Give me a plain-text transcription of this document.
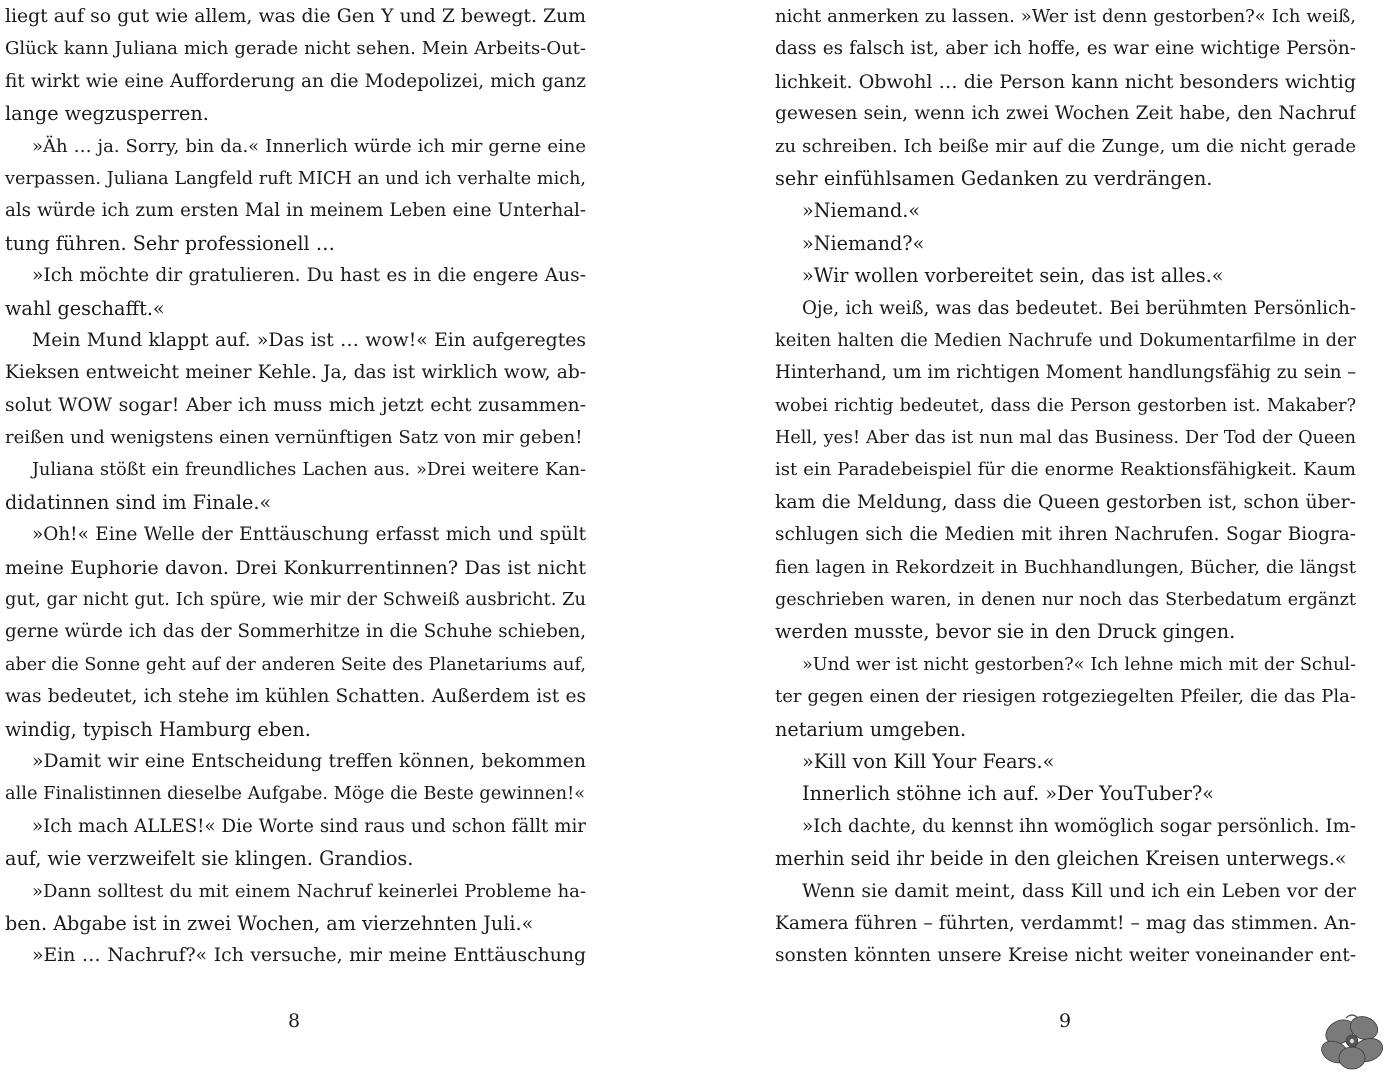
liegt auf so gut wie allem, was die Gen Y und Z bewegt. Zum
Glück kann Juliana mich gerade nicht sehen. Mein Arbeits-Out-
fit wirkt wie eine Aufforderung an die Modepolizei, mich ganz
lange wegzusperren.
»Äh … ja. Sorry, bin da.« Innerlich würde ich mir gerne eine
verpassen. Juliana Langfeld ruft MICH an und ich verhalte mich,
als würde ich zum ersten Mal in meinem Leben eine Unterhal-
tung führen. Sehr professionell …
»Ich möchte dir gratulieren. Du hast es in die engere Aus-
wahl geschafft.«
Mein Mund klappt auf. »Das ist … wow!« Ein aufgeregtes
Kieksen entweicht meiner Kehle. Ja, das ist wirklich wow, ab-
solut WOW sogar! Aber ich muss mich jetzt echt zusammen-
reißen und wenigstens einen vernünftigen Satz von mir geben!
Juliana stößt ein freundliches Lachen aus. »Drei weitere Kan-
didatinnen sind im Finale.«
»Oh!« Eine Welle der Enttäuschung erfasst mich und spült
meine Euphorie davon. Drei Konkurrentinnen? Das ist nicht
gut, gar nicht gut. Ich spüre, wie mir der Schweiß ausbricht. Zu
gerne würde ich das der Sommerhitze in die Schuhe schieben,
aber die Sonne geht auf der anderen Seite des Planetariums auf,
was bedeutet, ich stehe im kühlen Schatten. Außerdem ist es
windig, typisch Hamburg eben.
»Damit wir eine Entscheidung treffen können, bekommen
alle Finalistinnen dieselbe Aufgabe. Möge die Beste gewinnen!«
»Ich mach ALLES!« Die Worte sind raus und schon fällt mir
auf, wie verzweifelt sie klingen. Grandios.
»Dann solltest du mit einem Nachruf keinerlei Probleme ha-
ben. Abgabe ist in zwei Wochen, am vierzehnten Juli.«
»Ein … Nachruf?« Ich versuche, mir meine Enttäuschung
8
nicht anmerken zu lassen. »Wer ist denn gestorben?« Ich weiß,
dass es falsch ist, aber ich hoffe, es war eine wichtige Persön-
lichkeit. Obwohl … die Person kann nicht besonders wichtig
gewesen sein, wenn ich zwei Wochen Zeit habe, den Nachruf
zu schreiben. Ich beiße mir auf die Zunge, um die nicht gerade
sehr einfühlsamen Gedanken zu verdrängen.
»Niemand.«
»Niemand?«
»Wir wollen vorbereitet sein, das ist alles.«
Oje, ich weiß, was das bedeutet. Bei berühmten Persönlich-
keiten halten die Medien Nachrufe und Dokumentarfilme in der
Hinterhand, um im richtigen Moment handlungsfähig zu sein –
wobei richtig bedeutet, dass die Person gestorben ist. Makaber?
Hell, yes! Aber das ist nun mal das Business. Der Tod der Queen
ist ein Paradebeispiel für die enorme Reaktionsfähigkeit. Kaum
kam die Meldung, dass die Queen gestorben ist, schon über-
schlugen sich die Medien mit ihren Nachrufen. Sogar Biogra-
fien lagen in Rekordzeit in Buchhandlungen, Bücher, die längst
geschrieben waren, in denen nur noch das Sterbedatum ergänzt
werden musste, bevor sie in den Druck gingen.
»Und wer ist nicht gestorben?« Ich lehne mich mit der Schul-
ter gegen einen der riesigen rotgeziegelten Pfeiler, die das Pla-
netarium umgeben.
»Kill von Kill Your Fears.«
Innerlich stöhne ich auf. »Der YouTuber?«
»Ich dachte, du kennst ihn womöglich sogar persönlich. Im-
merhin seid ihr beide in den gleichen Kreisen unterwegs.«
Wenn sie damit meint, dass Kill und ich ein Leben vor der
Kamera führen – führten, verdammt! – mag das stimmen. An-
sonsten könnten unsere Kreise nicht weiter voneinander ent-
9
